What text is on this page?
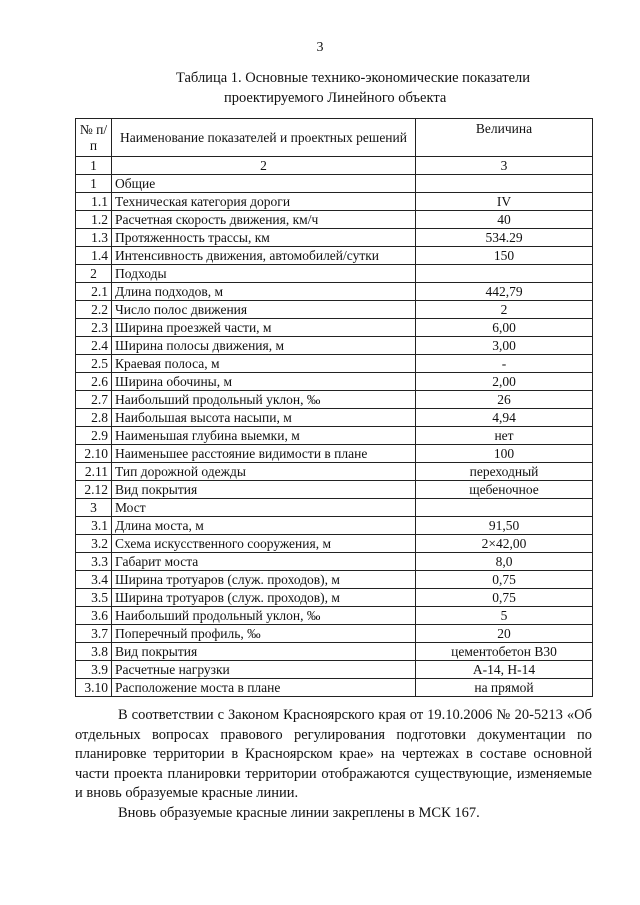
3
Таблица 1. Основные технико-экономические показатели
проектируемого Линейного объекта
№ п/п	Наименование показателей и проектных решений	Величина
1	2	3
1	Общие	
1.1	Техническая категория дороги	IV
1.2	Расчетная скорость движения, км/ч	40
1.3	Протяженность трассы, км	534.29
1.4	Интенсивность движения, автомобилей/сутки	150
2	Подходы	
2.1	Длина подходов, м	442,79
2.2	Число полос движения	2
2.3	Ширина проезжей части, м	6,00
2.4	Ширина полосы движения, м	3,00
2.5	Краевая полоса, м	-
2.6	Ширина обочины, м	2,00
2.7	Наибольший продольный уклон, ‰	26
2.8	Наибольшая высота насыпи, м	4,94
2.9	Наименьшая глубина выемки, м	нет
2.10	Наименьшее расстояние видимости в плане	100
2.11	Тип дорожной одежды	переходный
2.12	Вид покрытия	щебеночное
3	Мост	
3.1	Длина моста, м	91,50
3.2	Схема искусственного сооружения, м	2×42,00
3.3	Габарит моста	8,0
3.4	Ширина тротуаров (служ. проходов), м	0,75
3.5	Ширина тротуаров (служ. проходов), м	0,75
3.6	Наибольший продольный уклон, ‰	5
3.7	Поперечный профиль, ‰	20
3.8	Вид покрытия	цементобетон В30
3.9	Расчетные нагрузки	А-14, Н-14
3.10	Расположение моста в плане	на прямой

В соответствии с Законом Красноярского края от 19.10.2006 № 20-5213 «Об отдельных вопросах правового регулирования подготовки документации по планировке территории в Красноярском крае» на чертежах в составе основной части проекта планировки территории отображаются существующие, изменяемые и вновь образуемые красные линии.

Вновь образуемые красные линии закреплены в МСК 167.
